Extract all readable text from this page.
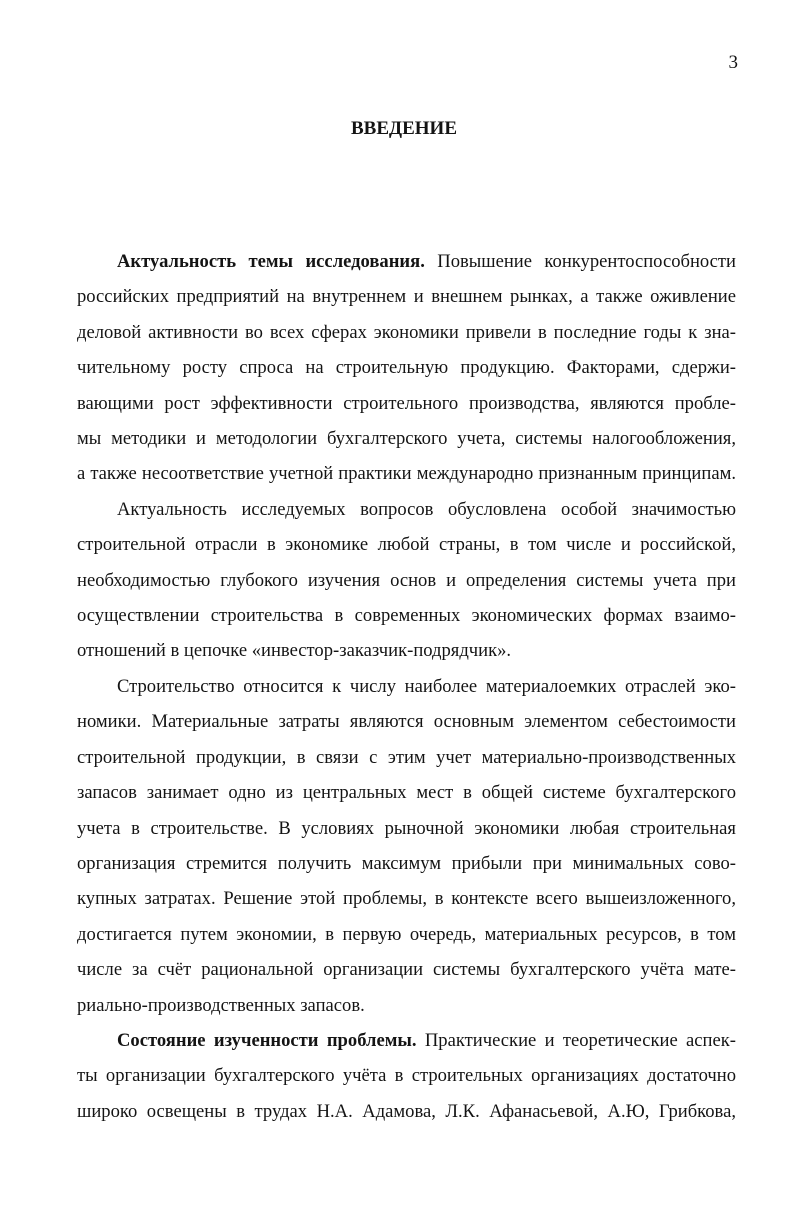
3
ВВЕДЕНИЕ

Актуальность темы исследования. Повышение конкурентоспособности
российских предприятий на внутреннем и внешнем рынках, а также оживление
деловой активности во всех сферах экономики привели в последние годы к зна-
чительному росту спроса на строительную продукцию. Факторами, сдержи-
вающими рост эффективности строительного производства, являются пробле-
мы методики и методологии бухгалтерского учета, системы налогообложения,
а также несоответствие учетной практики международно признанным принципам.

Актуальность исследуемых вопросов обусловлена особой значимостью
строительной отрасли в экономике любой страны, в том числе и российской,
необходимостью глубокого изучения основ и определения системы учета при
осуществлении строительства в современных экономических формах взаимо-
отношений в цепочке «инвестор-заказчик-подрядчик».

Строительство относится к числу наиболее материалоемких отраслей эко-
номики. Материальные затраты являются основным элементом себестоимости
строительной продукции, в связи с этим учет материально-производственных
запасов занимает одно из центральных мест в общей системе бухгалтерского
учета в строительстве. В условиях рыночной экономики любая строительная
организация стремится получить максимум прибыли при минимальных сово-
купных затратах. Решение этой проблемы, в контексте всего вышеизложенного,
достигается путем экономии, в первую очередь, материальных ресурсов, в том
числе за счёт рациональной организации системы бухгалтерского учёта мате-
риально-производственных запасов.

Состояние изученности проблемы. Практические и теоретические аспек-
ты организации бухгалтерского учёта в строительных организациях достаточно
широко освещены в трудах Н.А. Адамова, Л.К. Афанасьевой, А.Ю, Грибкова,
